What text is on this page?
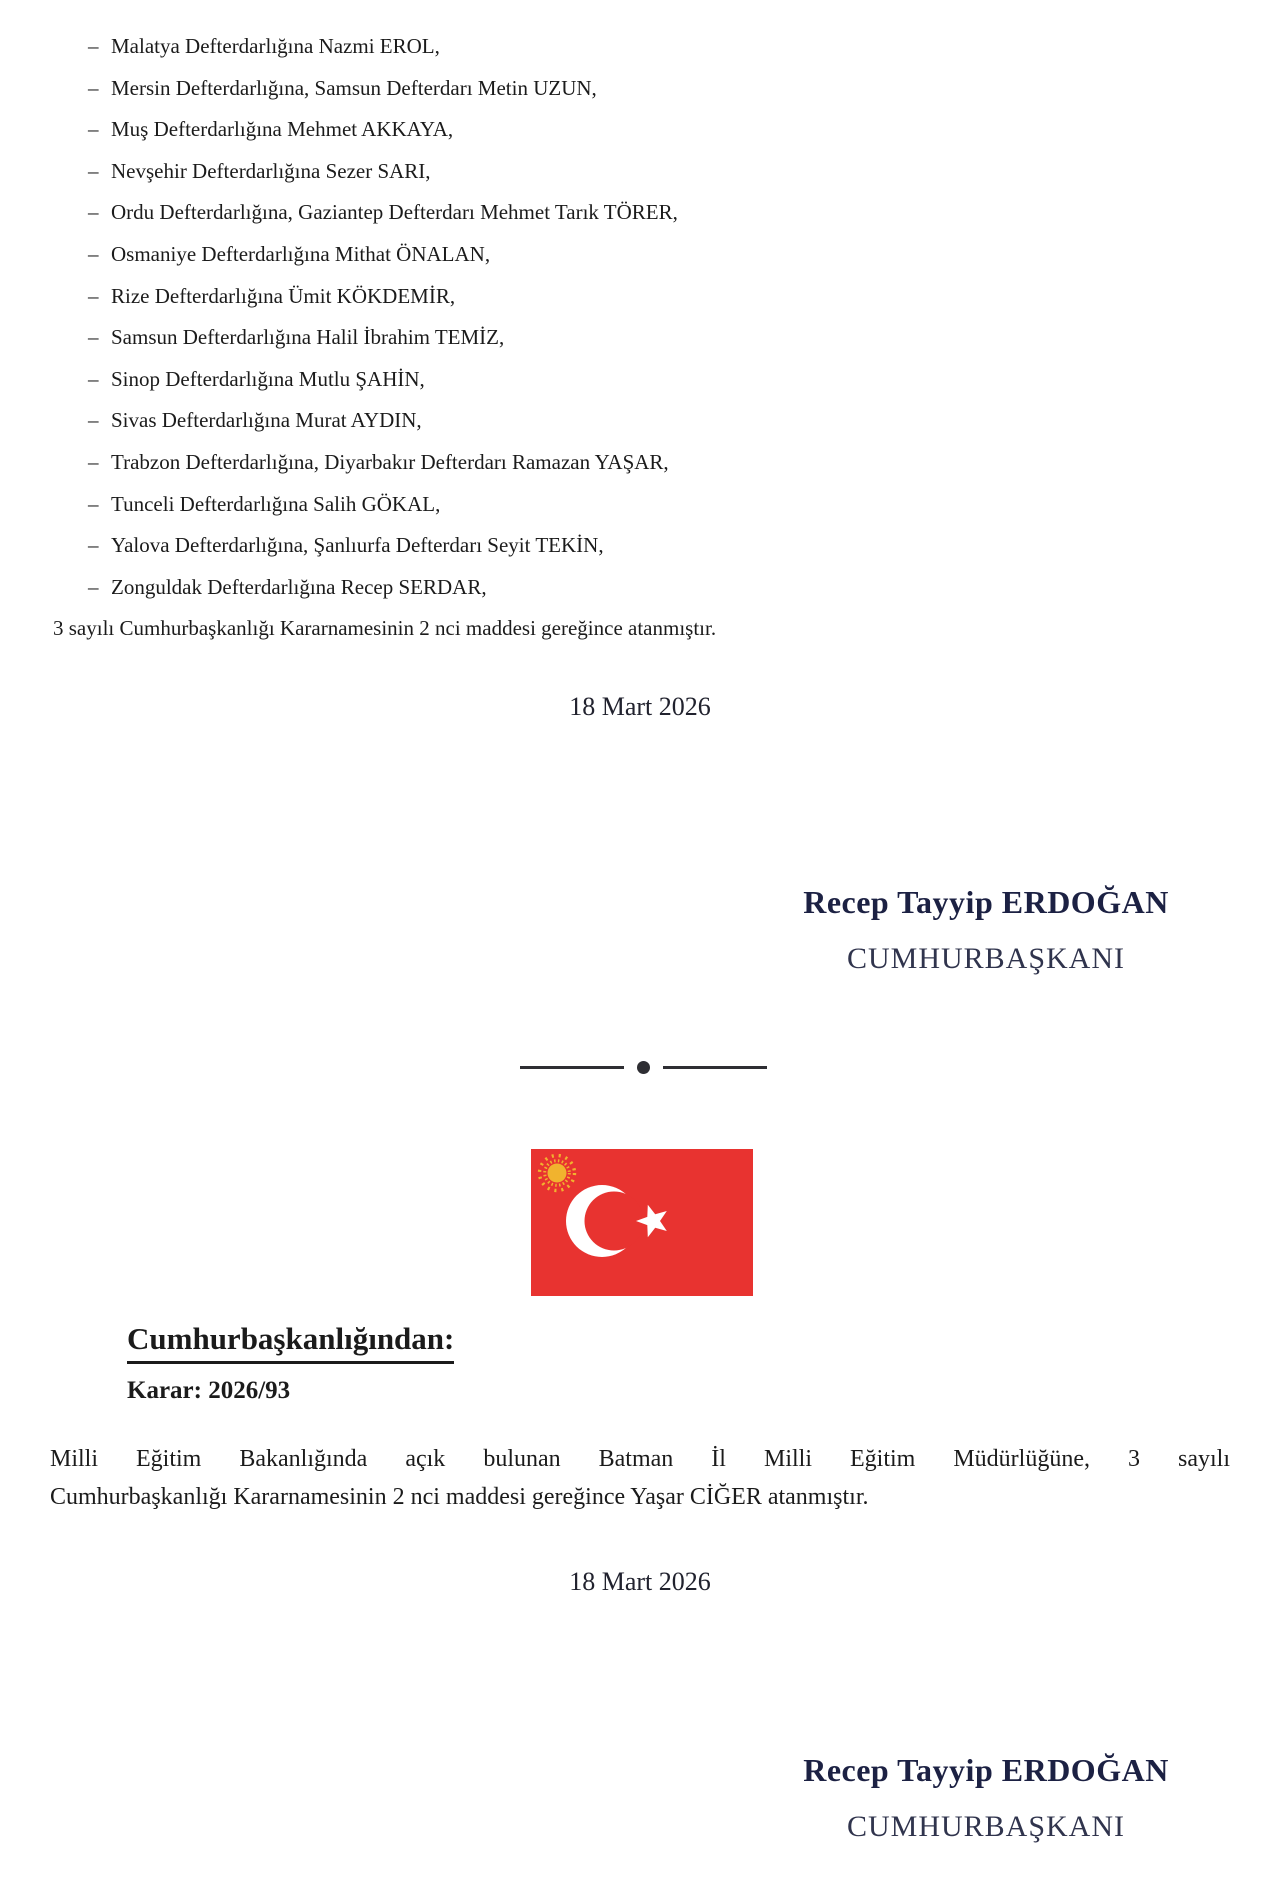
– Malatya Defterdarlığına Nazmi EROL,
– Mersin Defterdarlığına, Samsun Defterdarı Metin UZUN,
– Muş Defterdarlığına Mehmet AKKAYA,
– Nevşehir Defterdarlığına Sezer SARI,
– Ordu Defterdarlığına, Gaziantep Defterdarı Mehmet Tarık TÖRER,
– Osmaniye Defterdarlığına Mithat ÖNALAN,
– Rize Defterdarlığına Ümit KÖKDEMİR,
– Samsun Defterdarlığına Halil İbrahim TEMİZ,
– Sinop Defterdarlığına Mutlu ŞAHİN,
– Sivas Defterdarlığına Murat AYDIN,
– Trabzon Defterdarlığına, Diyarbakır Defterdarı Ramazan YAŞAR,
– Tunceli Defterdarlığına Salih GÖKAL,
– Yalova Defterdarlığına, Şanlıurfa Defterdarı Seyit TEKİN,
– Zonguldak Defterdarlığına Recep SERDAR,
3 sayılı Cumhurbaşkanlığı Kararnamesinin 2 nci maddesi gereğince atanmıştır.
18 Mart 2026
Recep Tayyip ERDOĞAN
CUMHURBAŞKANI
Cumhurbaşkanlığından:
Karar: 2026/93
Milli Eğitim Bakanlığında açık bulunan Batman İl Milli Eğitim Müdürlüğüne, 3 sayılı
Cumhurbaşkanlığı Kararnamesinin 2 nci maddesi gereğince Yaşar CİĞER atanmıştır.
18 Mart 2026
Recep Tayyip ERDOĞAN
CUMHURBAŞKANI
